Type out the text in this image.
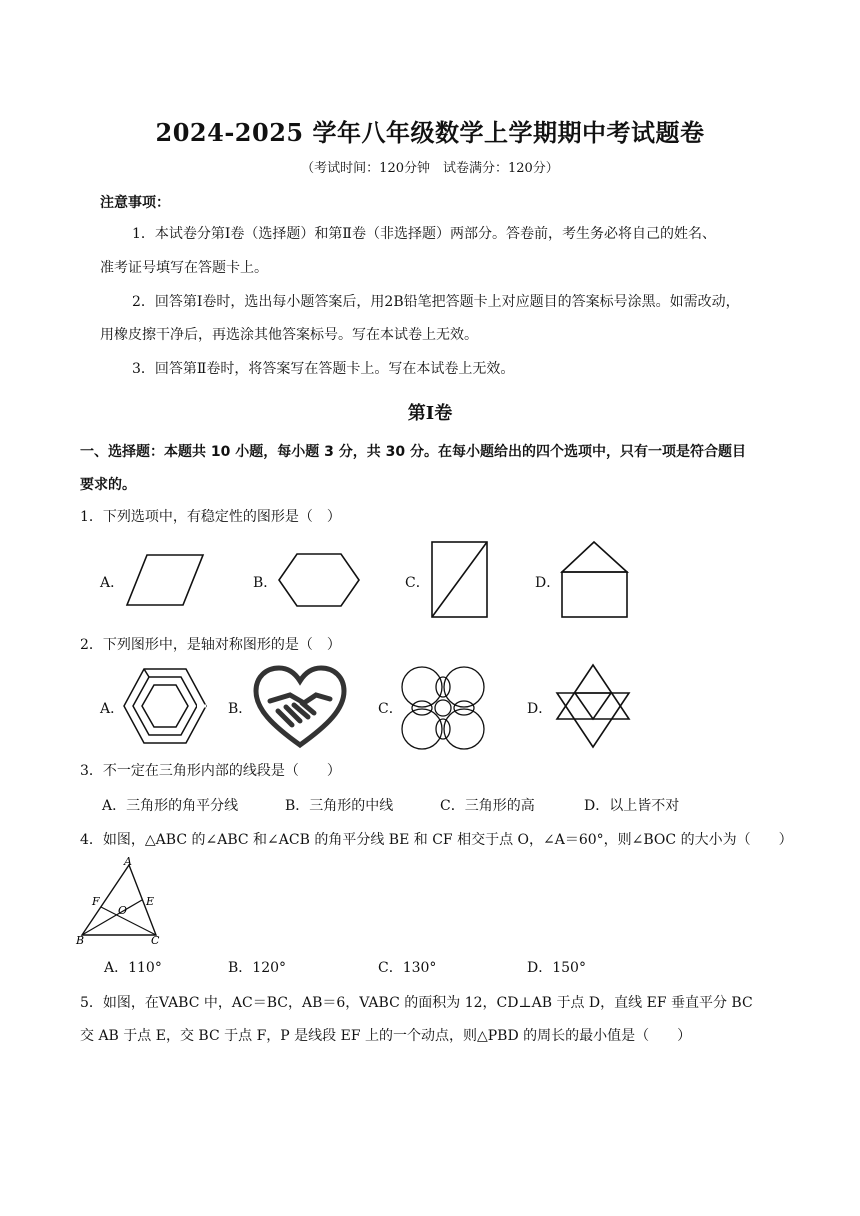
2024-2025 学年八年级数学上学期期中考试题卷
（考试时间：120分钟　试卷满分：120分）
注意事项：
1．本试卷分第Ⅰ卷（选择题）和第Ⅱ卷（非选择题）两部分。答卷前，考生务必将自己的姓名、
准考证号填写在答题卡上。
2．回答第Ⅰ卷时，选出每小题答案后，用2B铅笔把答题卡上对应题目的答案标号涂黑。如需改动，
用橡皮擦干净后，再选涂其他答案标号。写在本试卷上无效。
3．回答第Ⅱ卷时，将答案写在答题卡上。写在本试卷上无效。
第Ⅰ卷
一、选择题：本题共 10 小题，每小题 3 分，共 30 分。在每小题给出的四个选项中，只有一项是符合题目
要求的。
1．下列选项中，有稳定性的图形是（　）
A．	B．	C．	D．
2．下列图形中，是轴对称图形的是（　）
A．	B．	C．	D．
3．不一定在三角形内部的线段是（　　）
A．三角形的角平分线	B．三角形的中线	C．三角形的高	D．以上皆不对
4．如图，△ABC 的∠ABC 和∠ACB 的角平分线 BE 和 CF 相交于点 O，∠A＝60°，则∠BOC 的大小为（　　）
A
B	C
E
F
O
A．110°	B．120°	C．130°	D．150°
5．如图，在VABC 中，AC＝BC，AB＝6，VABC 的面积为 12，CD⊥AB 于点 D，直线 EF 垂直平分 BC
交 AB 于点 E，交 BC 于点 F，P 是线段 EF 上的一个动点，则△PBD 的周长的最小值是（　　）
